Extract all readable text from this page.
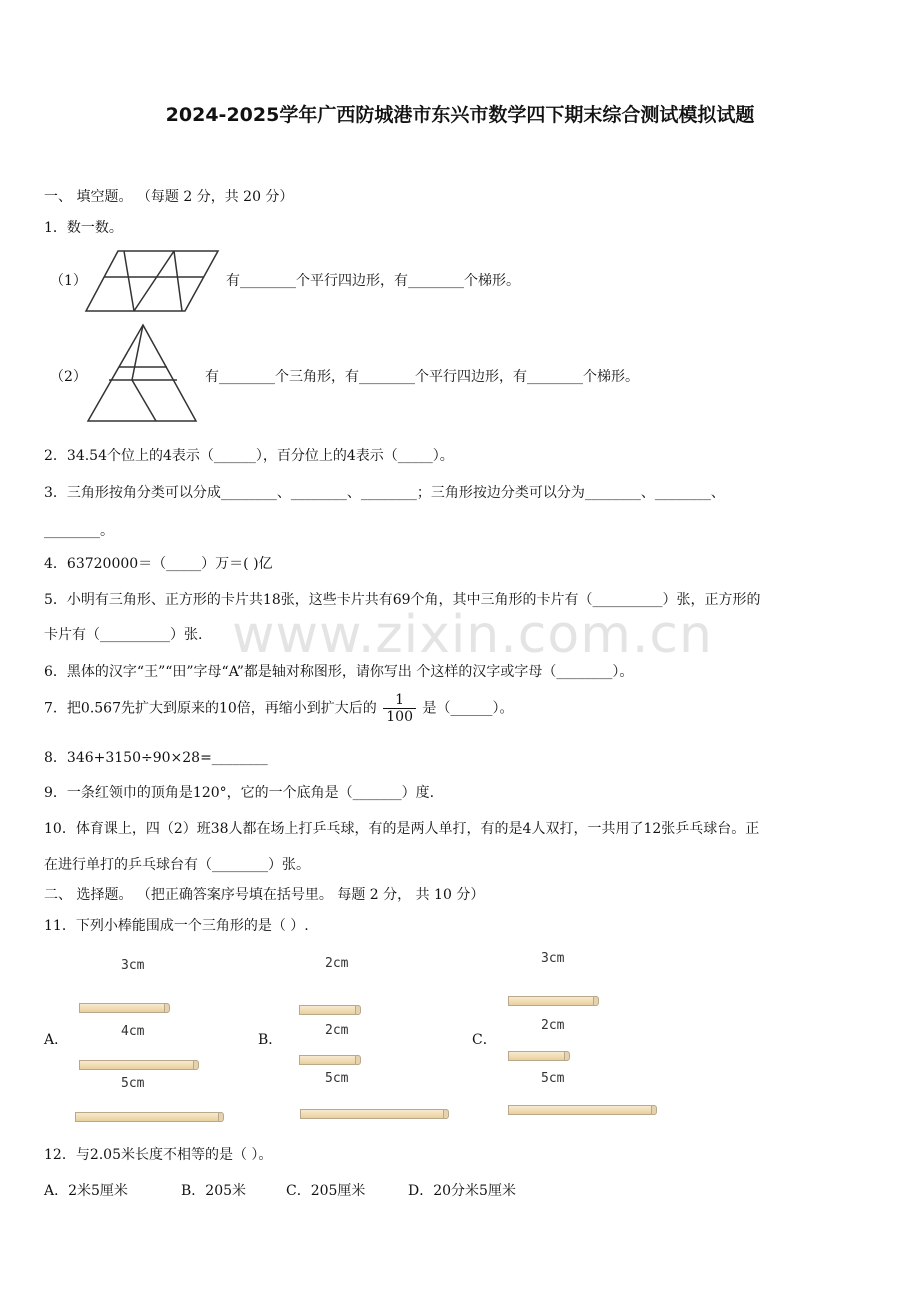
www.zixin.com.cn
2024-2025学年广西防城港市东兴市数学四下期末综合测试模拟试题
一、 填空题。 （每题 2 分，共 20 分）
1．数一数。
（1）	有________个平行四边形，有________个梯形。
（2）	有________个三角形，有________个平行四边形，有________个梯形。
2．34.54个位上的4表示（______），百分位上的4表示（_____）。
3．三角形按角分类可以分成________、________、________；三角形按边分类可以分为________、________、
________。
4．63720000＝（_____）万＝( )亿
5．小明有三角形、正方形的卡片共18张，这些卡片共有69个角，其中三角形的卡片有（__________）张，正方形的
卡片有（__________）张.
6．黑体的汉字“王”“田”字母“A”都是轴对称图形，请你写出 个这样的汉字或字母（________）。
7．把0.567先扩大到原来的10倍，再缩小到扩大后的 $\frac{1}{100}$ 是（______）。
8．346+3150÷90×28=________
9．一条红领巾的顶角是120°，它的一个底角是（_______）度.
10．体育课上，四（2）班38人都在场上打乒乓球，有的是两人单打，有的是4人双打，一共用了12张乒乓球台。正
在进行单打的乒乓球台有（________）张。
二、 选择题。 （把正确答案序号填在括号里。 每题 2 分， 共 10 分）
11．下列小棒能围成一个三角形的是（ ）.
A．
3cm
4cm
5cm
B．
2cm
2cm
5cm
C．
3cm
2cm
5cm
12．与2.05米长度不相等的是（ ）。
A．2米5厘米	B．205米	C．205厘米	D．20分米5厘米
